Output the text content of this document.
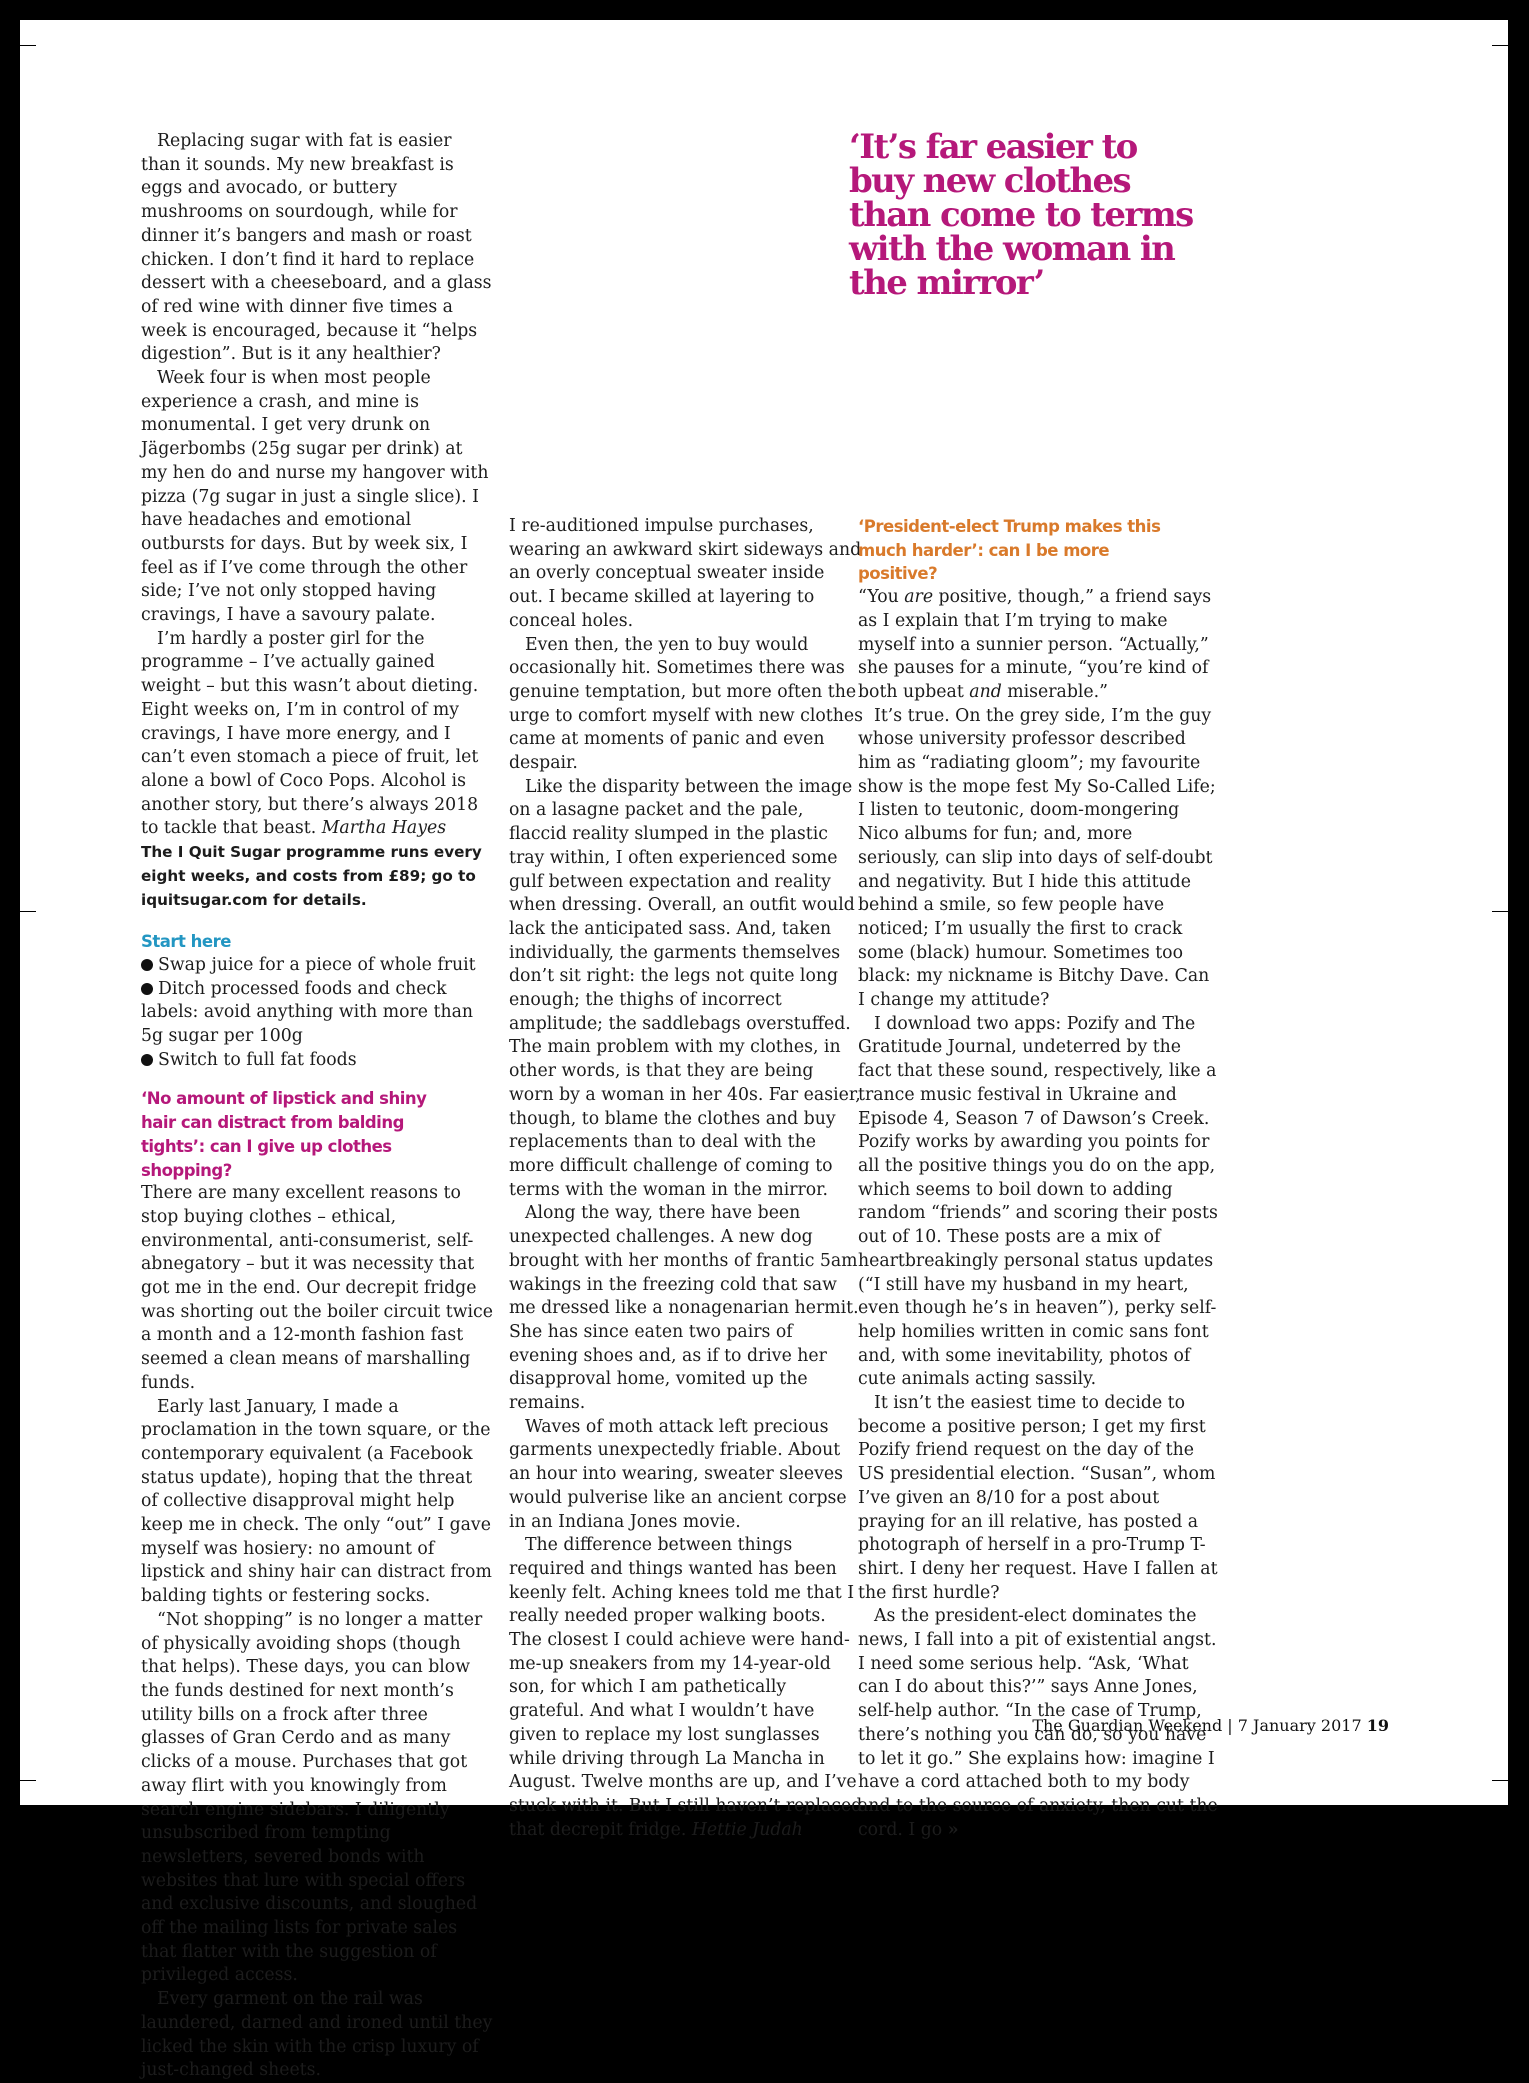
Replacing sugar with fat is easier than it sounds. My new breakfast is eggs and avocado, or buttery mushrooms on sourdough, while for dinner it’s bangers and mash or roast chicken. I don’t find it hard to replace dessert with a cheeseboard, and a glass of red wine with dinner five times a week is encouraged, because it “helps digestion”. But is it any healthier?

Week four is when most people experience a crash, and mine is monumental. I get very drunk on Jägerbombs (25g sugar per drink) at my hen do and nurse my hangover with pizza (7g sugar in just a single slice). I have headaches and emotional outbursts for days. But by week six, I feel as if I’ve come through the other side; I’ve not only stopped having cravings, I have a savoury palate.

I’m hardly a poster girl for the programme – I’ve actually gained weight – but this wasn’t about dieting. Eight weeks on, I’m in control of my cravings, I have more energy, and I can’t even stomach a piece of fruit, let alone a bowl of Coco Pops. Alcohol is another story, but there’s always 2018 to tackle that beast. Martha Hayes

The I Quit Sugar programme runs every eight weeks, and costs from £89; go to iquitsugar.com for details.

Start here
Swap juice for a piece of whole fruit
Ditch processed foods and check labels: avoid anything with more than 5g sugar per 100g
Switch to full fat foods
‘No amount of lipstick and shiny hair can distract from balding tights’: can I give up clothes shopping?

There are many excellent reasons to stop buying clothes – ethical, environmental, anti-consumerist, self-abnegatory – but it was necessity that got me in the end. Our decrepit fridge was shorting out the boiler circuit twice a month and a 12-month fashion fast seemed a clean means of marshalling funds.

Early last January, I made a proclamation in the town square, or the contemporary equivalent (a Facebook status update), hoping that the threat of collective disapproval might help keep me in check. The only “out” I gave myself was hosiery: no amount of lipstick and shiny hair can distract from balding tights or festering socks.

“Not shopping” is no longer a matter of physically avoiding shops (though that helps). These days, you can blow the funds destined for next month’s utility bills on a frock after three glasses of Gran Cerdo and as many clicks of a mouse. Purchases that got away flirt with you knowingly from search engine sidebars. I diligently unsubscribed from tempting newsletters, severed bonds with websites that lure with special offers and exclusive discounts, and sloughed off the mailing lists for private sales that flatter with the suggestion of privileged access.

Every garment on the rail was laundered, darned and ironed until they licked the skin with the crisp luxury of just-changed sheets.

I re-auditioned impulse purchases, wearing an awkward skirt sideways and an overly conceptual sweater inside out. I became skilled at layering to conceal holes.

Even then, the yen to buy would occasionally hit. Sometimes there was genuine temptation, but more often the urge to comfort myself with new clothes came at moments of panic and even despair.

Like the disparity between the image on a lasagne packet and the pale, flaccid reality slumped in the plastic tray within, I often experienced some gulf between expectation and reality when dressing. Overall, an outfit would lack the anticipated sass. And, taken individually, the garments themselves don’t sit right: the legs not quite long enough; the thighs of incorrect amplitude; the saddlebags overstuffed. The main problem with my clothes, in other words, is that they are being worn by a woman in her 40s. Far easier, though, to blame the clothes and buy replacements than to deal with the more difficult challenge of coming to terms with the woman in the mirror.

Along the way, there have been unexpected challenges. A new dog brought with her months of frantic 5am wakings in the freezing cold that saw me dressed like a nonagenarian hermit. She has since eaten two pairs of evening shoes and, as if to drive her disapproval home, vomited up the remains.

Waves of moth attack left precious garments unexpectedly friable. About an hour into wearing, sweater sleeves would pulverise like an ancient corpse in an Indiana Jones movie.

The difference between things required and things wanted has been keenly felt. Aching knees told me that I really needed proper walking boots. The closest I could achieve were hand-me-up sneakers from my 14-year-old son, for which I am pathetically grateful. And what I wouldn’t have given to replace my lost sunglasses while driving through La Mancha in August. Twelve months are up, and I’ve stuck with it. But I still haven’t replaced that decrepit fridge. Hettie Judah

‘It’s far easier to buy new clothes than come to terms with the woman in the mirror’

‘President-elect Trump makes this much harder’: can I be more positive?

“You are positive, though,” a friend says as I explain that I’m trying to make myself into a sunnier person. “Actually,” she pauses for a minute, “you’re kind of both upbeat and miserable.”

It’s true. On the grey side, I’m the guy whose university professor described him as “radiating gloom”; my favourite show is the mope fest My So-Called Life; I listen to teutonic, doom-mongering Nico albums for fun; and, more seriously, can slip into days of self-doubt and negativity. But I hide this attitude behind a smile, so few people have noticed; I’m usually the first to crack some (black) humour. Sometimes too black: my nickname is Bitchy Dave. Can I change my attitude?

I download two apps: Pozify and The Gratitude Journal, undeterred by the fact that these sound, respectively, like a trance music festival in Ukraine and Episode 4, Season 7 of Dawson’s Creek. Pozify works by awarding you points for all the positive things you do on the app, which seems to boil down to adding random “friends” and scoring their posts out of 10. These posts are a mix of heartbreakingly personal status updates (“I still have my husband in my heart, even though he’s in heaven”), perky self-help homilies written in comic sans font and, with some inevitability, photos of cute animals acting sassily.

It isn’t the easiest time to decide to become a positive person; I get my first Pozify friend request on the day of the US presidential election. “Susan”, whom I’ve given an 8/10 for a post about praying for an ill relative, has posted a photograph of herself in a pro-Trump T-shirt. I deny her request. Have I fallen at the first hurdle?

As the president-elect dominates the news, I fall into a pit of existential angst. I need some serious help. “Ask, ‘What can I do about this?’” says Anne Jones, self-help author. “In the case of Trump, there’s nothing you can do, so you have to let it go.” She explains how: imagine I have a cord attached both to my body and to the source of anxiety, then cut the cord. I go »

The Guardian Weekend | 7 January 2017 19
